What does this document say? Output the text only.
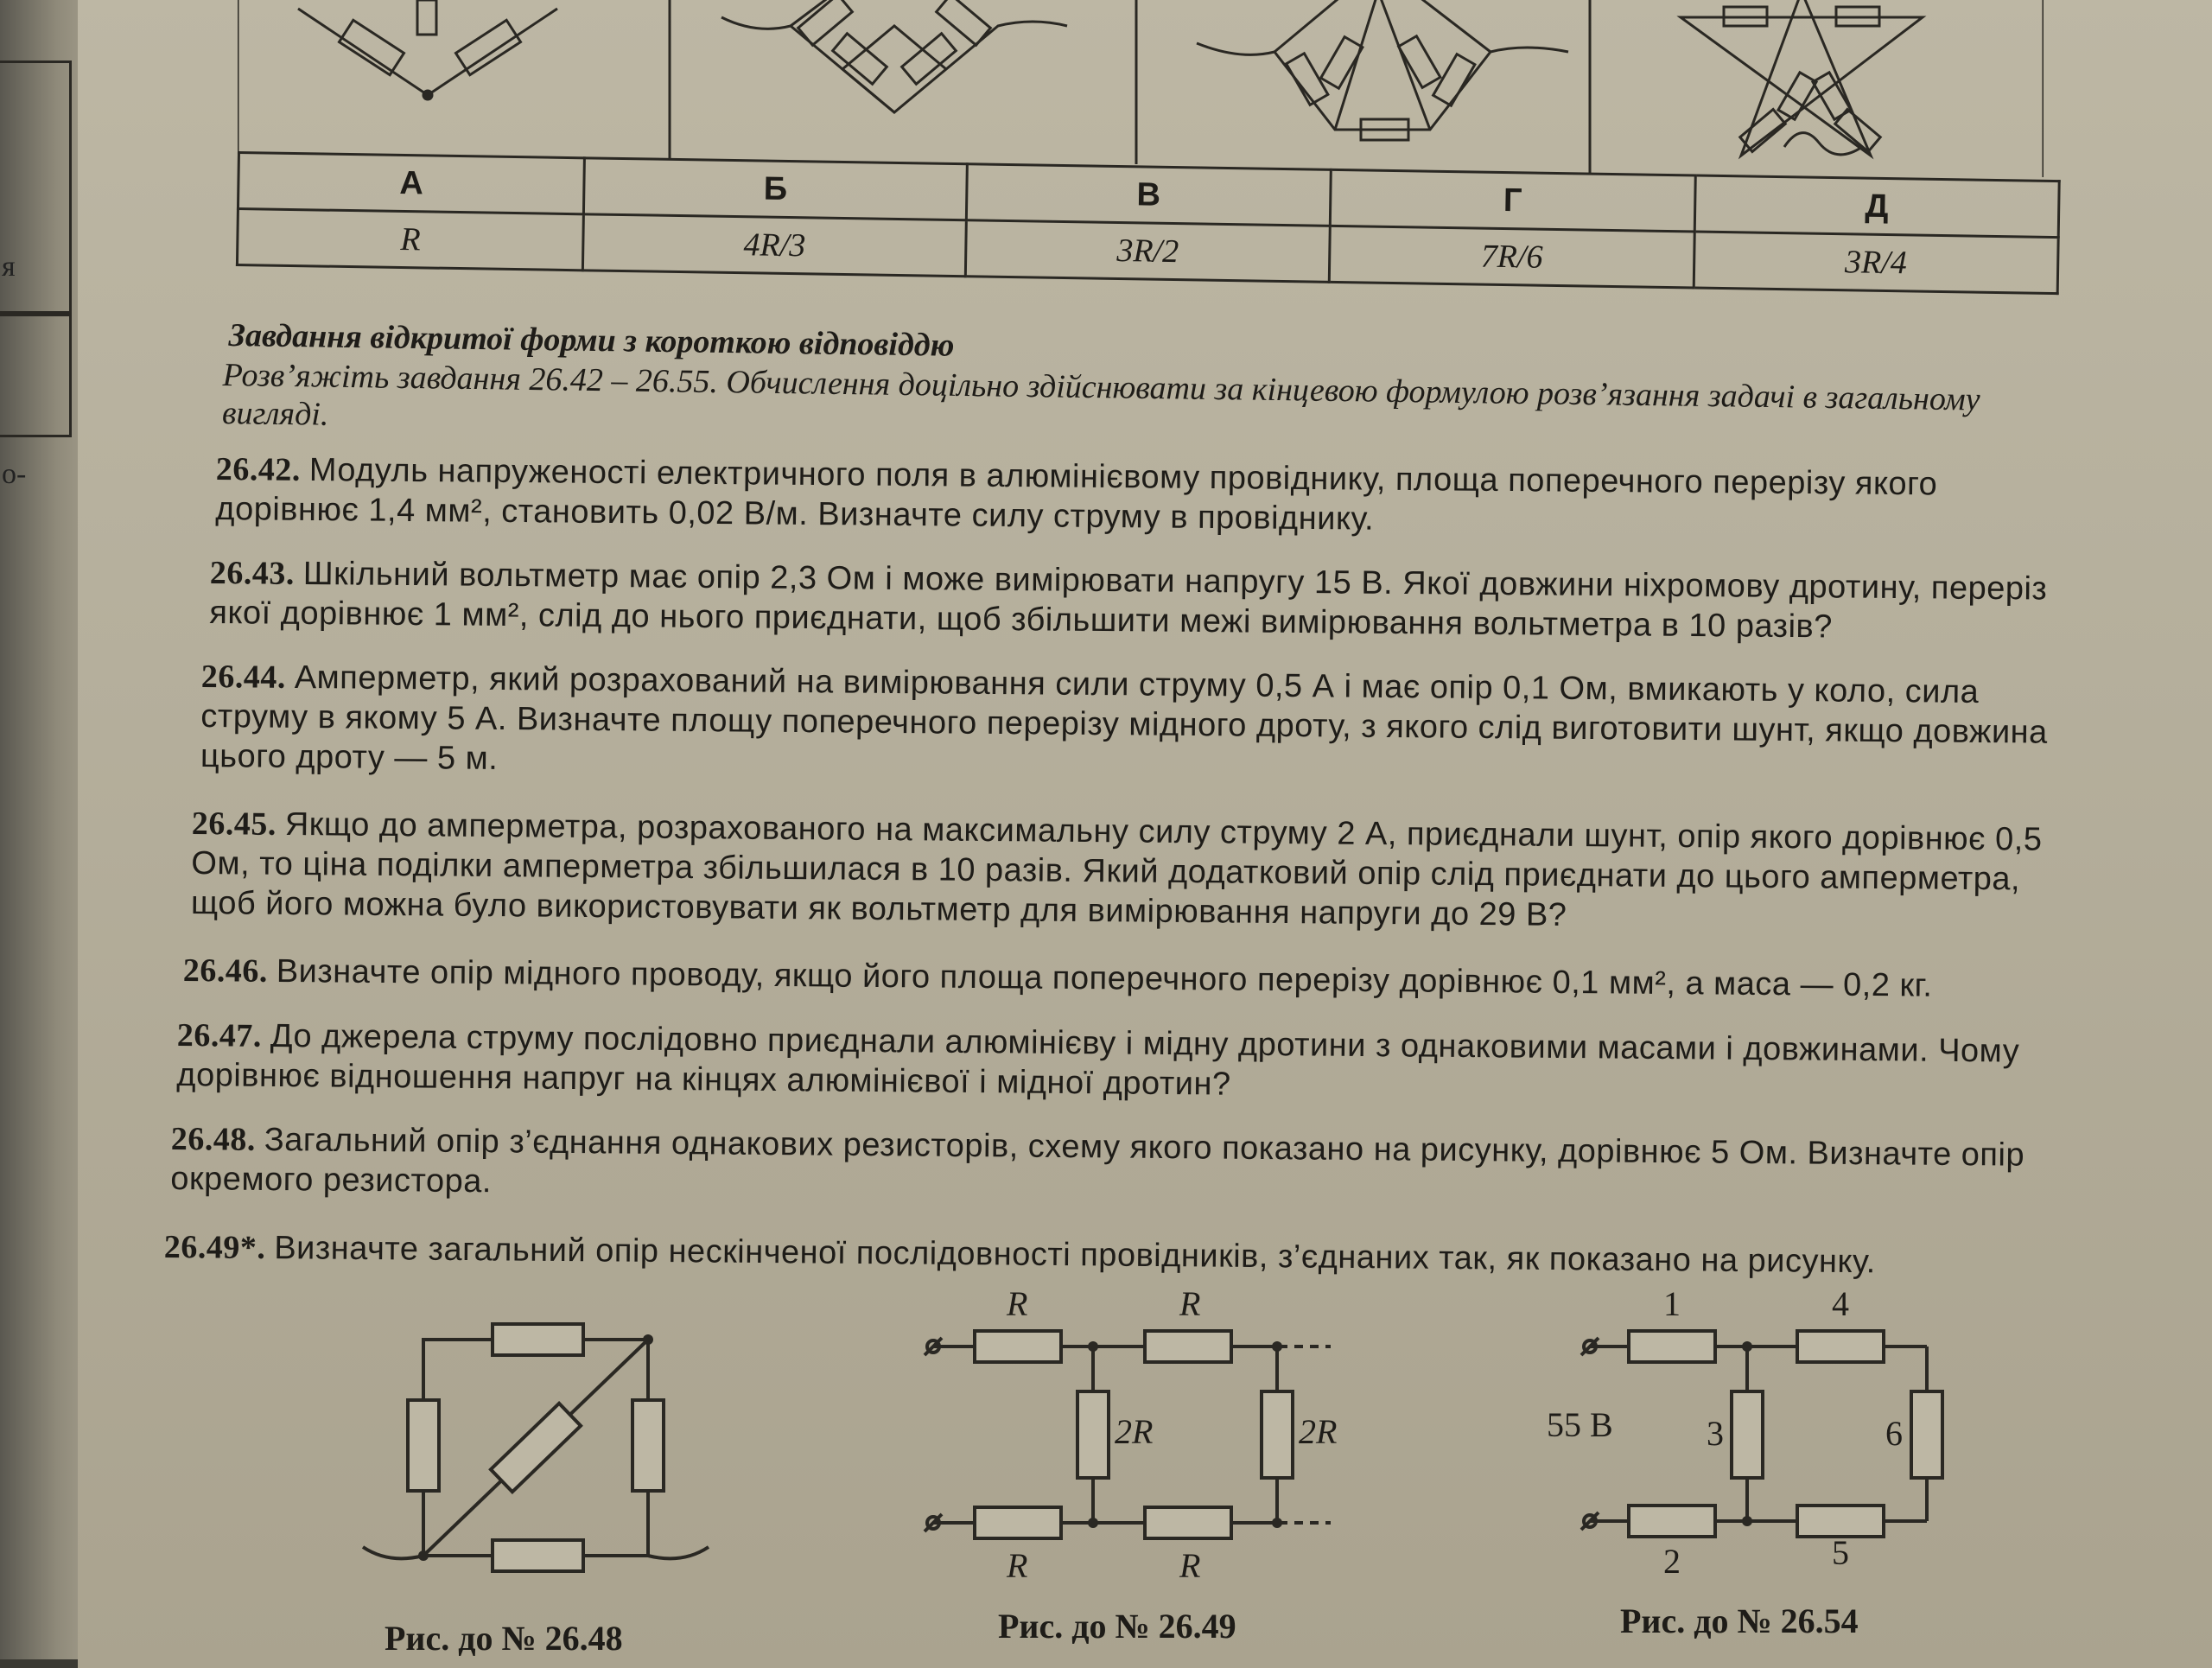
я
о-
А	Б	В	Г	Д
R	4R/3	3R/2	7R/6	3R/4
Завдання відкритої форми з короткою відповіддю
Розв’яжіть завдання 26.42 – 26.55. Обчислення доцільно здійснювати за кінцевою формулою розв’язання задачі в загальному вигляді.
26.42. Модуль напруженості електричного поля в алюмінієвому провіднику, площа поперечного перерізу якого дорівнює 1,4 мм², становить 0,02 В/м. Визначте силу струму в провіднику.
26.43. Шкільний вольтметр має опір 2,3 Ом і може вимірювати напругу 15 В. Якої довжини ніхромову дротину, переріз якої дорівнює 1 мм², слід до нього приєднати, щоб збільшити межі вимірювання вольтметра в 10 разів?
26.44. Амперметр, який розрахований на вимірювання сили струму 0,5 А і має опір 0,1 Ом, вмикають у коло, сила струму в якому 5 А. Визначте площу поперечного перерізу мідного дроту, з якого слід виготовити шунт, якщо довжина цього дроту — 5 м.
26.45. Якщо до амперметра, розрахованого на максимальну силу струму 2 А, приєднали шунт, опір якого дорівнює 0,5 Ом, то ціна поділки амперметра збільшилася в 10 разів. Який додатковий опір слід приєднати до цього амперметра, щоб його можна було використовувати як вольтметр для вимірювання напруги до 29 В?
26.46. Визначте опір мідного проводу, якщо його площа поперечного перерізу дорівнює 0,1 мм², а маса — 0,2 кг.
26.47. До джерела струму послідовно приєднали алюмінієву і мідну дротини з однаковими масами і довжинами. Чому дорівнює відношення напруг на кінцях алюмінієвої і мідної дротин?
26.48. Загальний опір з’єднання однакових резисторів, схему якого показано на рисунку, дорівнює 5 Ом. Визначте опір окремого резистора.
26.49*. Визначте загальний опір нескінченої послідовності провідників, з’єднаних так, як показано на рисунку.
Рис. до № 26.48
R	R
2R	2R
R	R
Рис. до № 26.49
1	4
3	6
2	5
55 В
Рис. до № 26.54
